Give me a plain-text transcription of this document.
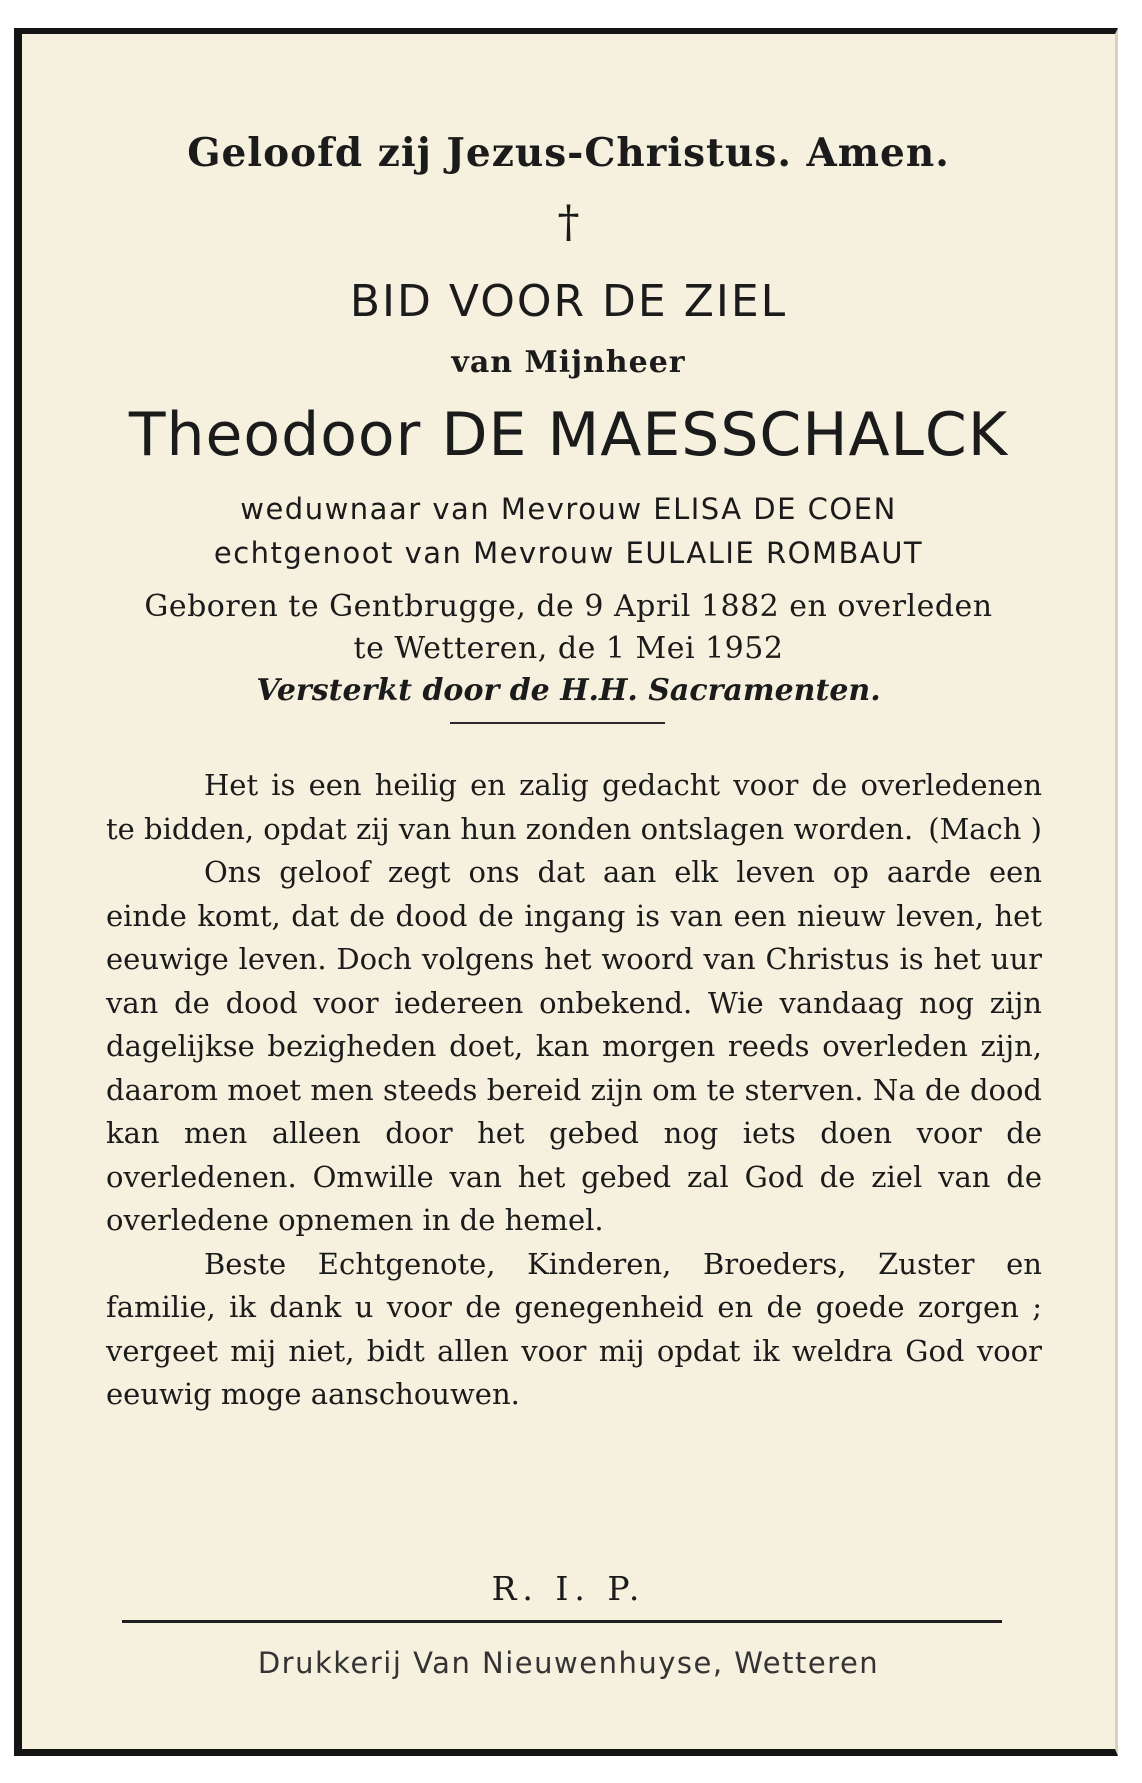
Geloofd zij Jezus-Christus. Amen.
†
BID VOOR DE ZIEL
van Mijnheer
Theodoor DE MAESSCHALCK
weduwnaar van Mevrouw ELISA DE COEN
echtgenoot van Mevrouw EULALIE ROMBAUT
Geboren te Gentbrugge, de 9 April 1882 en overleden
te Wetteren, de 1 Mei 1952
Versterkt door de H.H. Sacramenten.

Het is een heilig en zalig gedacht voor de overledenen te bidden, opdat zij van hun zonden ontslagen worden. (Mach )

Ons geloof zegt ons dat aan elk leven op aarde een einde komt, dat de dood de ingang is van een nieuw leven, het eeuwige leven. Doch volgens het woord van Christus is het uur van de dood voor iedereen onbekend. Wie vandaag nog zijn dagelijkse bezigheden doet, kan morgen reeds overleden zijn, daarom moet men steeds bereid zijn om te sterven. Na de dood kan men alleen door het gebed nog iets doen voor de overledenen. Omwille van het gebed zal God de ziel van de overledene opnemen in de hemel.

Beste Echtgenote, Kinderen, Broeders, Zuster en familie, ik dank u voor de genegenheid en de goede zorgen ; vergeet mij niet, bidt allen voor mij opdat ik weldra God voor eeuwig moge aanschouwen.

R. I. P.
Drukkerij Van Nieuwenhuyse, Wetteren
